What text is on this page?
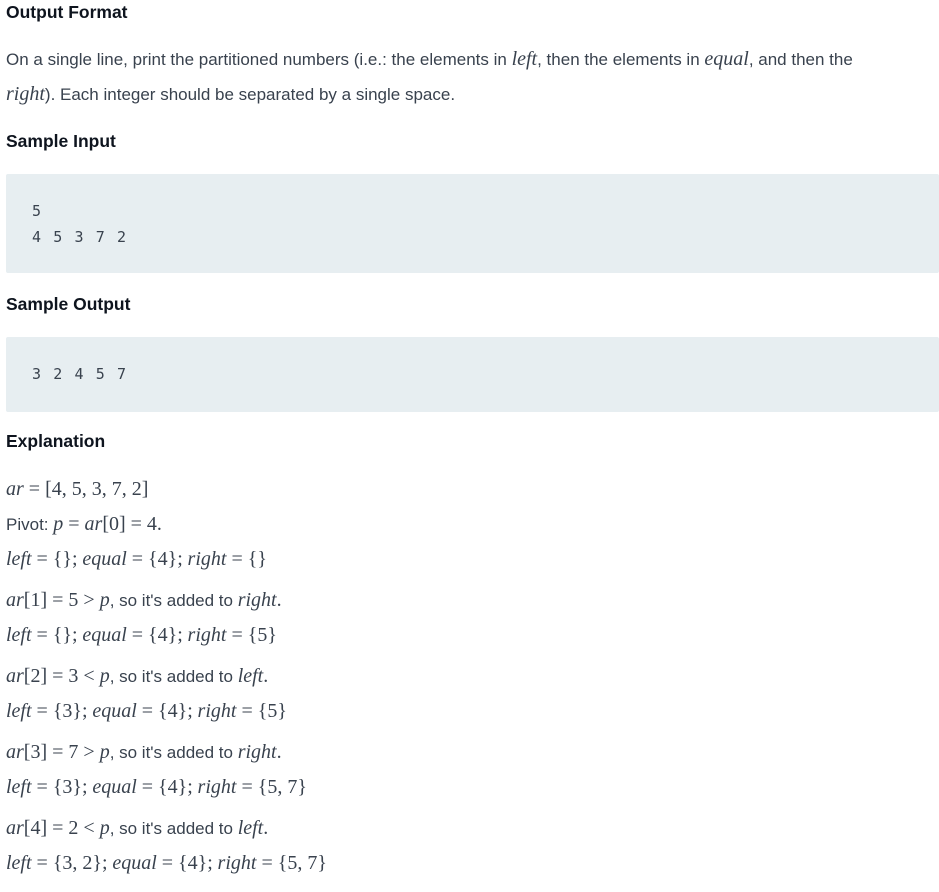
Output Format
On a single line, print the partitioned numbers (i.e.: the elements in left, then the elements in equal, and then the
right). Each integer should be separated by a single space.
Sample Input
5
4 5 3 7 2
Sample Output
3 2 4 5 7
Explanation
ar = [4, 5, 3, 7, 2]
Pivot: p = ar[0] = 4.
left = {}; equal = {4}; right = {}
ar[1] = 5 > p, so it's added to right.
left = {}; equal = {4}; right = {5}
ar[2] = 3 < p, so it's added to left.
left = {3}; equal = {4}; right = {5}
ar[3] = 7 > p, so it's added to right.
left = {3}; equal = {4}; right = {5, 7}
ar[4] = 2 < p, so it's added to left.
left = {3, 2}; equal = {4}; right = {5, 7}
